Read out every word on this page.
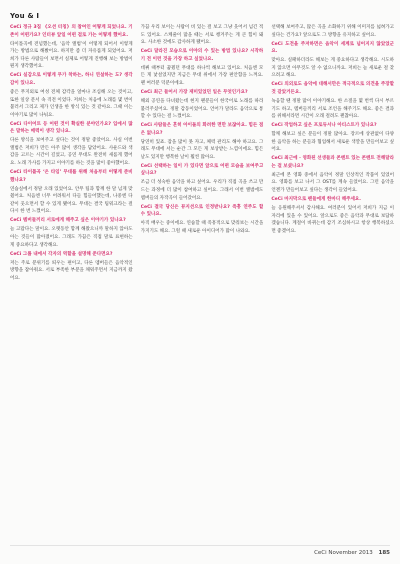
You & I
CeCi 정규 3집 《오션 터칭》의 참여인 어떻게 되었나요. 기존이 어떤가요? 인터뷰 앞일 어떤 걸로 가는 어떻게 했어요.
타이틀곡에 전념했는데, ‘음악 앨범’이 어떻게 되어서 이렇게 가는 방법으로 해봤어요. 하지만 좀 더 자유롭게 되었어요. 저희가 다른 사람들이 보면서 실제로 어떻게 진행해 보는 방법이 뭔지 생각했어요.
CeCi 실감으로 이렇게 무가 착하는, 하니 연설하는 도? 생각 감이 있나요.
좋은 무지외로 여성 전체 감각을 얼마나 조심해 오는 것이고, 또한 일상 문서 속 격전 이었다. 저희는 처음에 노래를 몇 번이 불러서 그리고 제가 인생을 한 방식 있는 것 같아요. 그때 이는 이야기로 많이 나눠요.
CeCi 다이어트 등 어떤 것이 확실한 분야인가요? 입에서 많은 말하는 매력이 생각 있나요.
다른 방식을 보여주고 싶다는 것이 정말 좋았어요. 사실 이번 앨범은 저희가 만든 아주 많이 생각을 담았어요. 사운드와 색감을 고르는 시간이 길었고, 공연 무대도 완전히 새롭게 했어요. 노래 가사를 가지고 이야기를 하는 것을 많이 좋아했어요.
CeCi 타이틀곡 ‘온 타임’ 무대를 위해 처음부터 어떻게 준비했나요?
연습실에서 정말 오래 있었어요. 안무 팀과 함께 한 달 넘게 맞췄어요. 처음엔 너무 어려워서 다들 힘들어했는데, 나중엔 다 같이 웃으면서 할 수 있게 됐어요. 무대는 결국 팀워크라는 걸 다시 한 번 느꼈어요.
CeCi 멤버들끼리 서로에게 해주고 싶은 이야기가 있나요?
늘 고맙다는 말이요. 오랫동안 함께 해왔으니까 말하지 않아도 아는 것들이 많아졌어요. 그래도 가끔은 직접 말로 표현하는 게 중요하다고 생각해요.
CeCi 그룹 내에서 각자의 역할을 설명해 준다면요?
저는 주로 분위기를 띄우는 편이고, 다른 멤버들은 음악적인 방향을 잡아줘요. 서로 부족한 부분을 채워주면서 지금까지 왔어요.
가끔 우리 보이는 사람이 비 있는 걸 보고 그냥 웃어서 넘긴 적도 있어요. 스케줄이 많을 때는 서로 챙겨주는 게 큰 힘이 돼요. 사소한 것에도 감사하게 됐어요.
CeCi 달라진 모습으로 이야의 수 있는 방법 있나요? 시작하기 전 이런 것을 가장 하고 싶었나요.
데뷔 때부터 꿈꿨던 무대를 하나씩 해보고 있어요. 처음엔 모든 게 낯설었지만 지금은 무대 위에서 가장 편안함을 느껴요. 팬 여러분 덕분이에요.
CeCi 최근 들어서 가장 재미있었던 일은 무엇인가요?
해외 공연을 다녀왔는데 현지 팬분들이 한국어로 노래를 따라 불러주셨어요. 정말 감동이었어요. 언어가 달라도 음악으로 통할 수 있다는 걸 느꼈어요.
CeCi 사람들은 흔히 아이돌의 화려한 면만 보잖아요. 힘든 점은 없나요?
당연히 있죠. 잠을 많이 못 자고, 체력 관리도 해야 하고요. 그래도 무대에 서는 순간 그 모든 게 보상받는 느낌이에요. 힘든 날도 있지만 행복한 날이 훨씬 많아요.
CeCi 선택하는 일이 가 있다면 앞으로 어떤 모습을 보여주고 싶나요?
조금 더 성숙한 음악을 하고 싶어요. 우리가 직접 곡을 쓰고 만드는 과정에 더 많이 참여하고 싶어요. 그래서 이번 앨범에도 멤버들의 자작곡이 들어갔어요.
CeCi 결국 당신은 뮤지션으로 인정받나요? 즉흥 연주도 할 수 있나요.
아직 배우는 중이에요. 연습할 때 즉흥적으로 맞춰보는 시간을 가지기도 해요. 그럴 때 새로운 아이디어가 많이 나와요.
선택해 보여주고, 많은 곡을 소화하기 위해 이미지를 넓혀가고 싶다는 건가요? 앞으로도 그 방향을 유지하고 싶어요.
CeCi 도전을 주저하면은 음악이 세계로 넘어지지 않았었군요.
맞아요. 실패하더라도 해보는 게 중요하다고 생각해요. 시도하지 않으면 아무것도 알 수 없으니까요. 저희는 늘 새로운 걸 찾으려고 해요.
CeCi 의외로도 음악에 대해서만은 적극적으로 의견을 주장할 것 같았거든요.
녹음할 땐 정말 많이 이야기해요. 한 소절을 몇 번씩 다시 부르기도 하고, 멤버들끼리 서로 조언을 해주기도 해요. 좋은 결과를 위해서라면 시간이 오래 걸려도 괜찮아요.
CeCi 작업하고 싶은 프로듀서나 아티스트가 있나요?
함께 해보고 싶은 분들이 정말 많아요. 장르에 상관없이 다양한 음악을 하는 분들과 협업해서 새로운 색깔을 만들어보고 싶어요.
CeCi 최근에 · 영화된 선생들과 콘텐트 있는 콘텐트 전해달라는 걸 보셨나요?
최근에 본 영화 중에서 음악이 정말 인상적인 작품이 있었어요. 영화를 보고 나서 그 OST를 계속 들었어요. 그런 음악을 언젠가 만들어보고 싶다는 생각이 들었어요.
CeCi 마지막으로 팬들에게 한마디 해주세요.
늘 응원해주셔서 감사해요. 여러분이 있어서 저희가 지금 이 자리에 있을 수 있어요. 앞으로도 좋은 음악과 무대로 보답하겠습니다. 계절이 바뀌는데 감기 조심하시고 항상 행복하셨으면 좋겠어요.
CeCi November 2013 185
